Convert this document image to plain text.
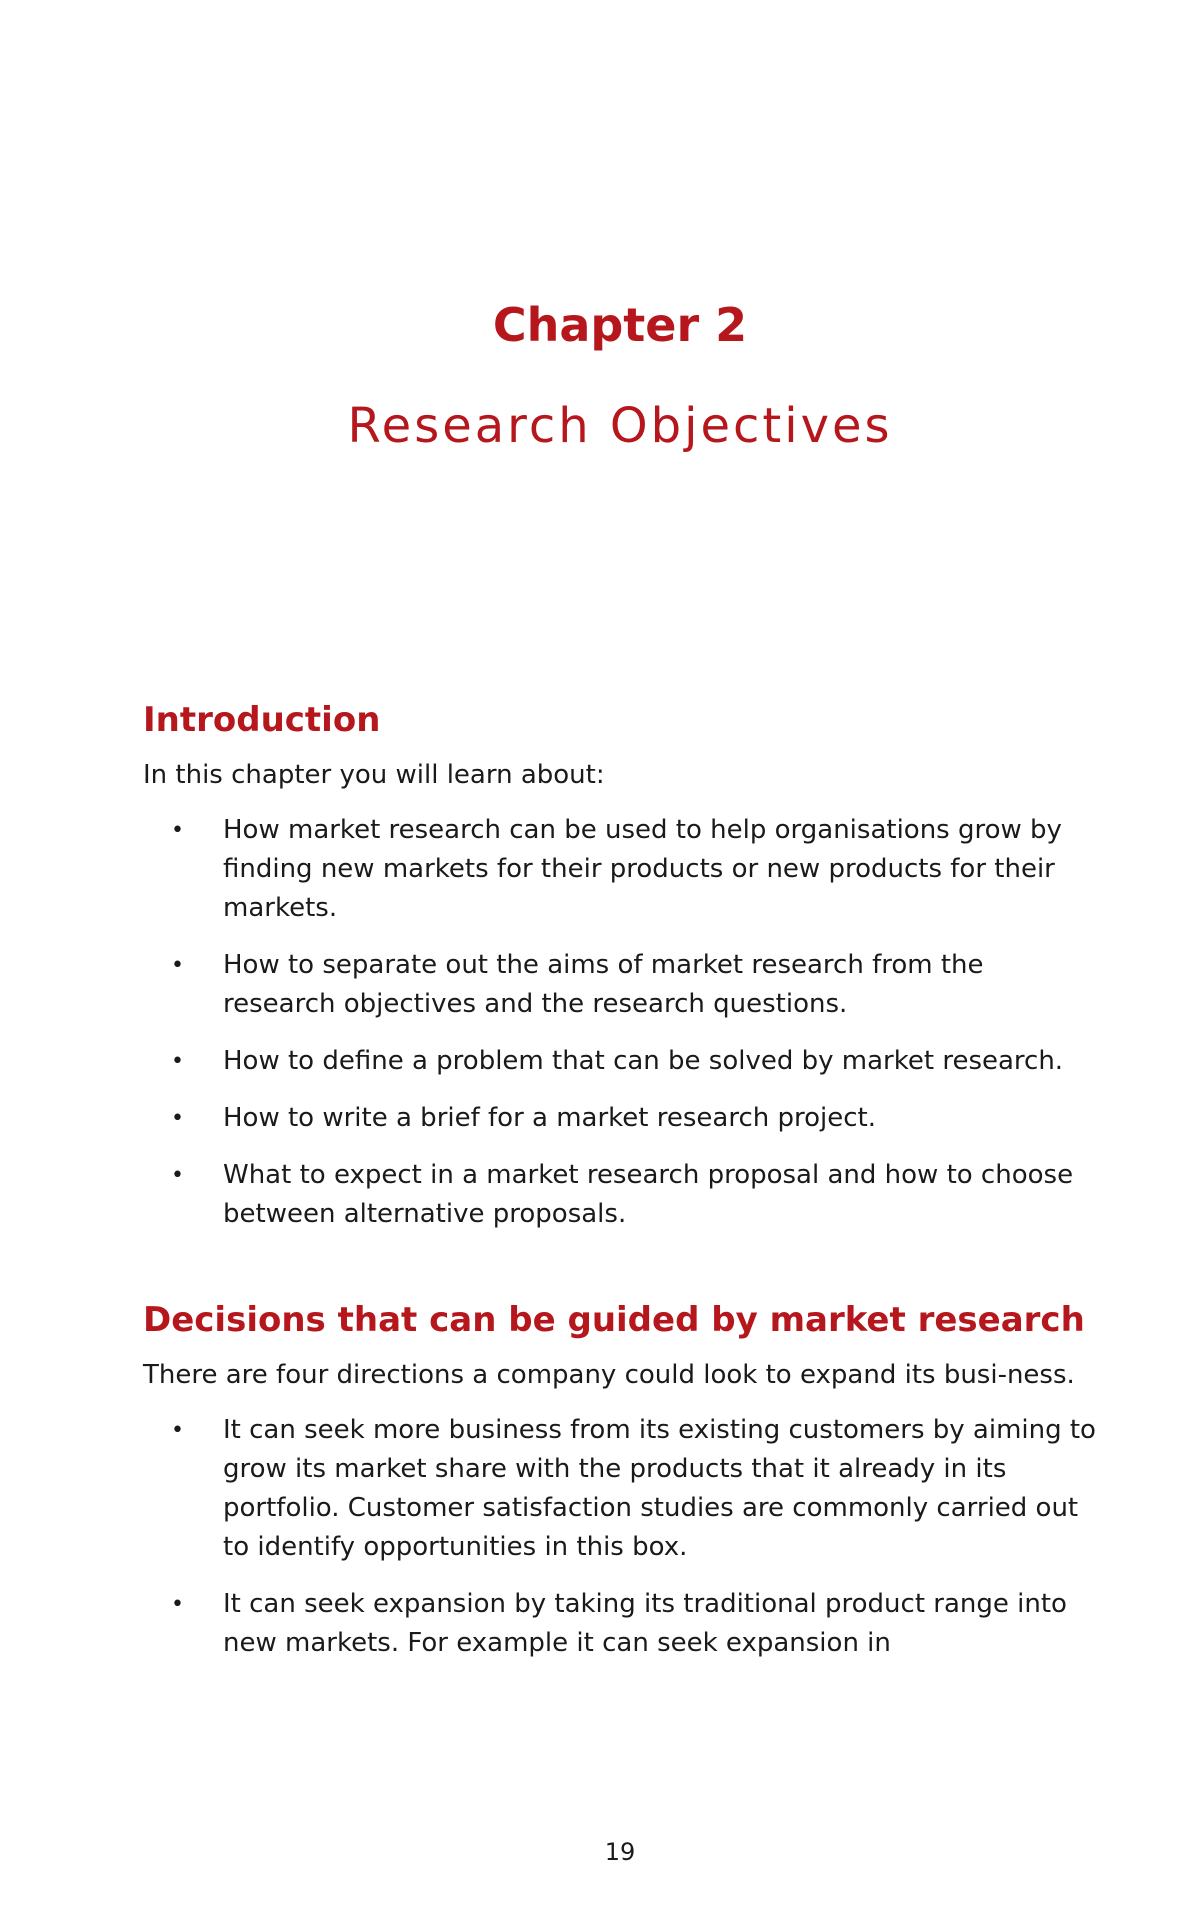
Chapter 2
Research Objectives
Introduction

In this chapter you will learn about:

• How market research can be used to help organisations grow by finding new markets for their products or new products for their markets.
• How to separate out the aims of market research from the research objectives and the research questions.
• How to define a problem that can be solved by market research.
• How to write a brief for a market research project.
• What to expect in a market research proposal and how to choose between alternative proposals.
Decisions that can be guided by market research

There are four directions a company could look to expand its busi-ness.

• It can seek more business from its existing customers by aiming to grow its market share with the products that it already in its portfolio. Customer satisfaction studies are commonly carried out to identify opportunities in this box.
• It can seek expansion by taking its traditional product range into new markets. For example it can seek expansion in
19
